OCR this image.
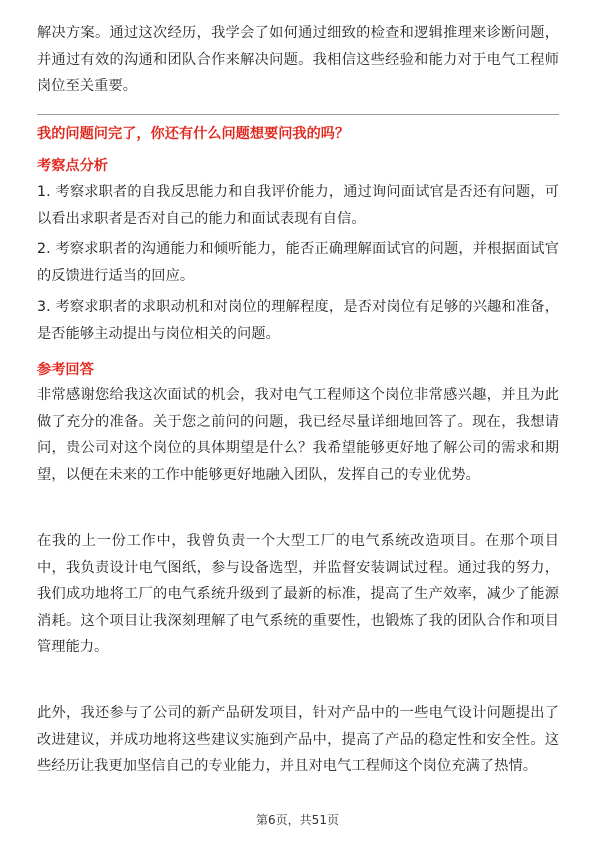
解决方案。通过这次经历，我学会了如何通过细致的检查和逻辑推理来诊断问题，并通过有效的沟通和团队合作来解决问题。我相信这些经验和能力对于电气工程师岗位至关重要。

我的问题问完了，你还有什么问题想要问我的吗？

考察点分析

1. 考察求职者的自我反思能力和自我评价能力，通过询问面试官是否还有问题，可以看出求职者是否对自己的能力和面试表现有自信。

2. 考察求职者的沟通能力和倾听能力，能否正确理解面试官的问题，并根据面试官的反馈进行适当的回应。

3. 考察求职者的求职动机和对岗位的理解程度，是否对岗位有足够的兴趣和准备，是否能够主动提出与岗位相关的问题。

参考回答

非常感谢您给我这次面试的机会，我对电气工程师这个岗位非常感兴趣，并且为此做了充分的准备。关于您之前问的问题，我已经尽量详细地回答了。现在，我想请问，贵公司对这个岗位的具体期望是什么？我希望能够更好地了解公司的需求和期望，以便在未来的工作中能够更好地融入团队，发挥自己的专业优势。

在我的上一份工作中，我曾负责一个大型工厂的电气系统改造项目。在那个项目中，我负责设计电气图纸，参与设备选型，并监督安装调试过程。通过我的努力，我们成功地将工厂的电气系统升级到了最新的标准，提高了生产效率，减少了能源消耗。这个项目让我深刻理解了电气系统的重要性，也锻炼了我的团队合作和项目管理能力。

此外，我还参与了公司的新产品研发项目，针对产品中的一些电气设计问题提出了改进建议，并成功地将这些建议实施到产品中，提高了产品的稳定性和安全性。这些经历让我更加坚信自己的专业能力，并且对电气工程师这个岗位充满了热情。

第6页，共51页
